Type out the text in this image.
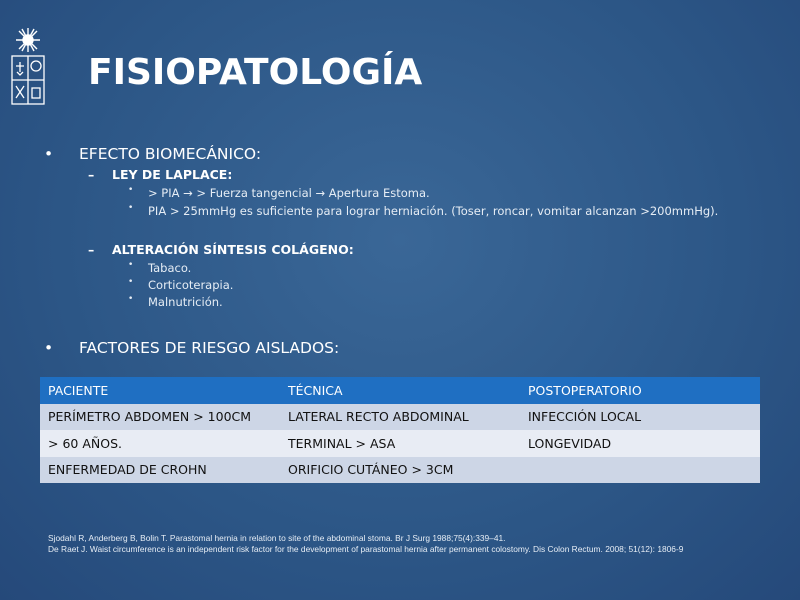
FISIOPATOLOGÍA
• EFECTO BIOMECÁNICO:
– LEY DE LAPLACE:
• > PIA → > Fuerza tangencial → Apertura Estoma.
• PIA > 25mmHg es suficiente para lograr herniación. (Toser, roncar, vomitar alcanzan >200mmHg).
– ALTERACIÓN SÍNTESIS COLÁGENO:
• Tabaco.
• Corticoterapia.
• Malnutrición.
• FACTORES DE RIESGO AISLADOS:
PACIENTE	TÉCNICA	POSTOPERATORIO
PERÍMETRO ABDOMEN > 100CM	LATERAL RECTO ABDOMINAL	INFECCIÓN LOCAL
> 60 AÑOS.	TERMINAL > ASA	LONGEVIDAD
ENFERMEDAD DE CROHN	ORIFICIO CUTÁNEO > 3CM	
Sjodahl R, Anderberg B, Bolin T. Parastomal hernia in relation to site of the abdominal stoma. Br J Surg 1988;75(4):339–41.
De Raet J. Waist circumference is an independent risk factor for the development of parastomal hernia after permanent colostomy. Dis Colon Rectum. 2008; 51(12): 1806-9
